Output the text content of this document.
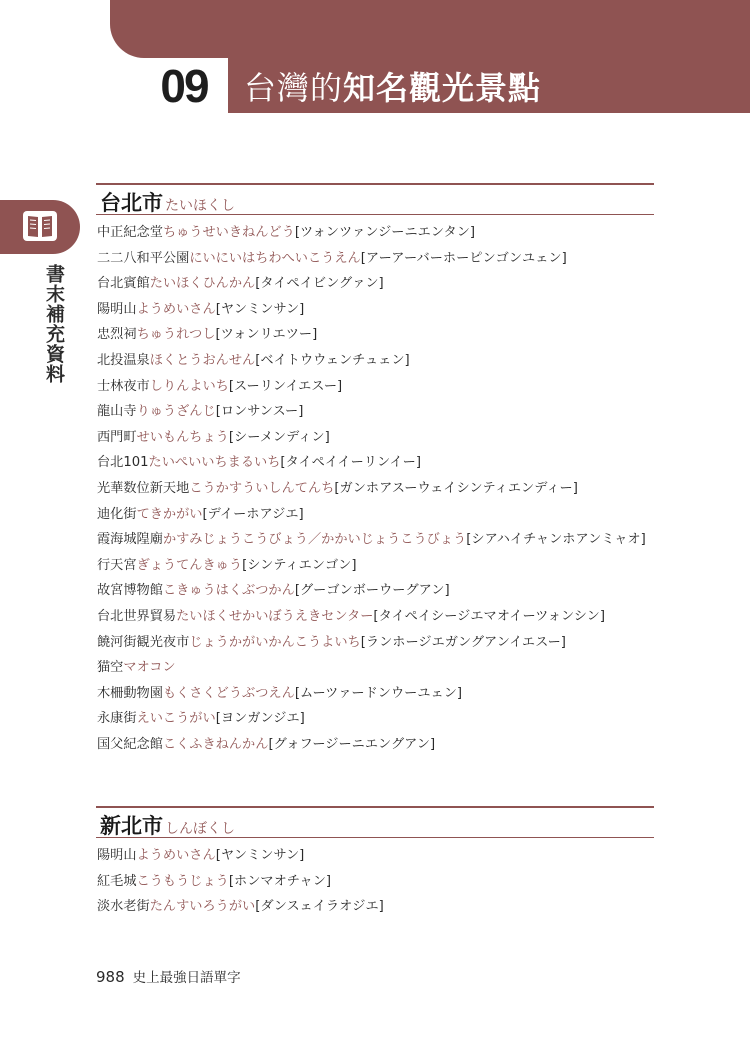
09	台灣的 知名觀光景點
書末補充資料
台北市 たいほくし
中正紀念堂ちゅうせいきねんどう[ツォンツァンジーニエンタン]
二二八和平公園にいにいはちわへいこうえん[アーアーバーホーピンゴンユェン]
台北賓館たいほくひんかん[タイペイビングァン]
陽明山ようめいさん[ヤンミンサン]
忠烈祠ちゅうれつし[ツォンリエツー]
北投温泉ほくとうおんせん[ベイトウウェンチュェン]
士林夜市しりんよいち[スーリンイエスー]
龍山寺りゅうざんじ[ロンサンスー]
西門町せいもんちょう[シーメンディン]
台北101たいぺいいちまるいち[タイペイイーリンイー]
光華数位新天地こうかすういしんてんち[ガンホアスーウェイシンティエンディー]
迪化街てきかがい[デイーホアジエ]
霞海城隍廟かすみじょうこうびょう／かかいじょうこうびょう[シアハイチャンホアンミャオ]
行天宮ぎょうてんきゅう[シンティエンゴン]
故宮博物館こきゅうはくぶつかん[グーゴンボーウーグアン]
台北世界貿易たいほくせかいぼうえきセンター[タイペイシージエマオイーツォンシン]
饒河街観光夜市じょうかがいかんこうよいち[ランホージエガングアンイエスー]
猫空マオコン
木柵動物園もくさくどうぶつえん[ムーツァードンウーユェン]
永康街えいこうがい[ヨンガンジエ]
国父紀念館こくふきねんかん[グォフージーニエングアン]
新北市 しんぼくし
陽明山ようめいさん[ヤンミンサン]
紅毛城こうもうじょう[ホンマオチャン]
淡水老街たんすいろうがい[ダンスェイラオジエ]
988 史上最強日語單字
